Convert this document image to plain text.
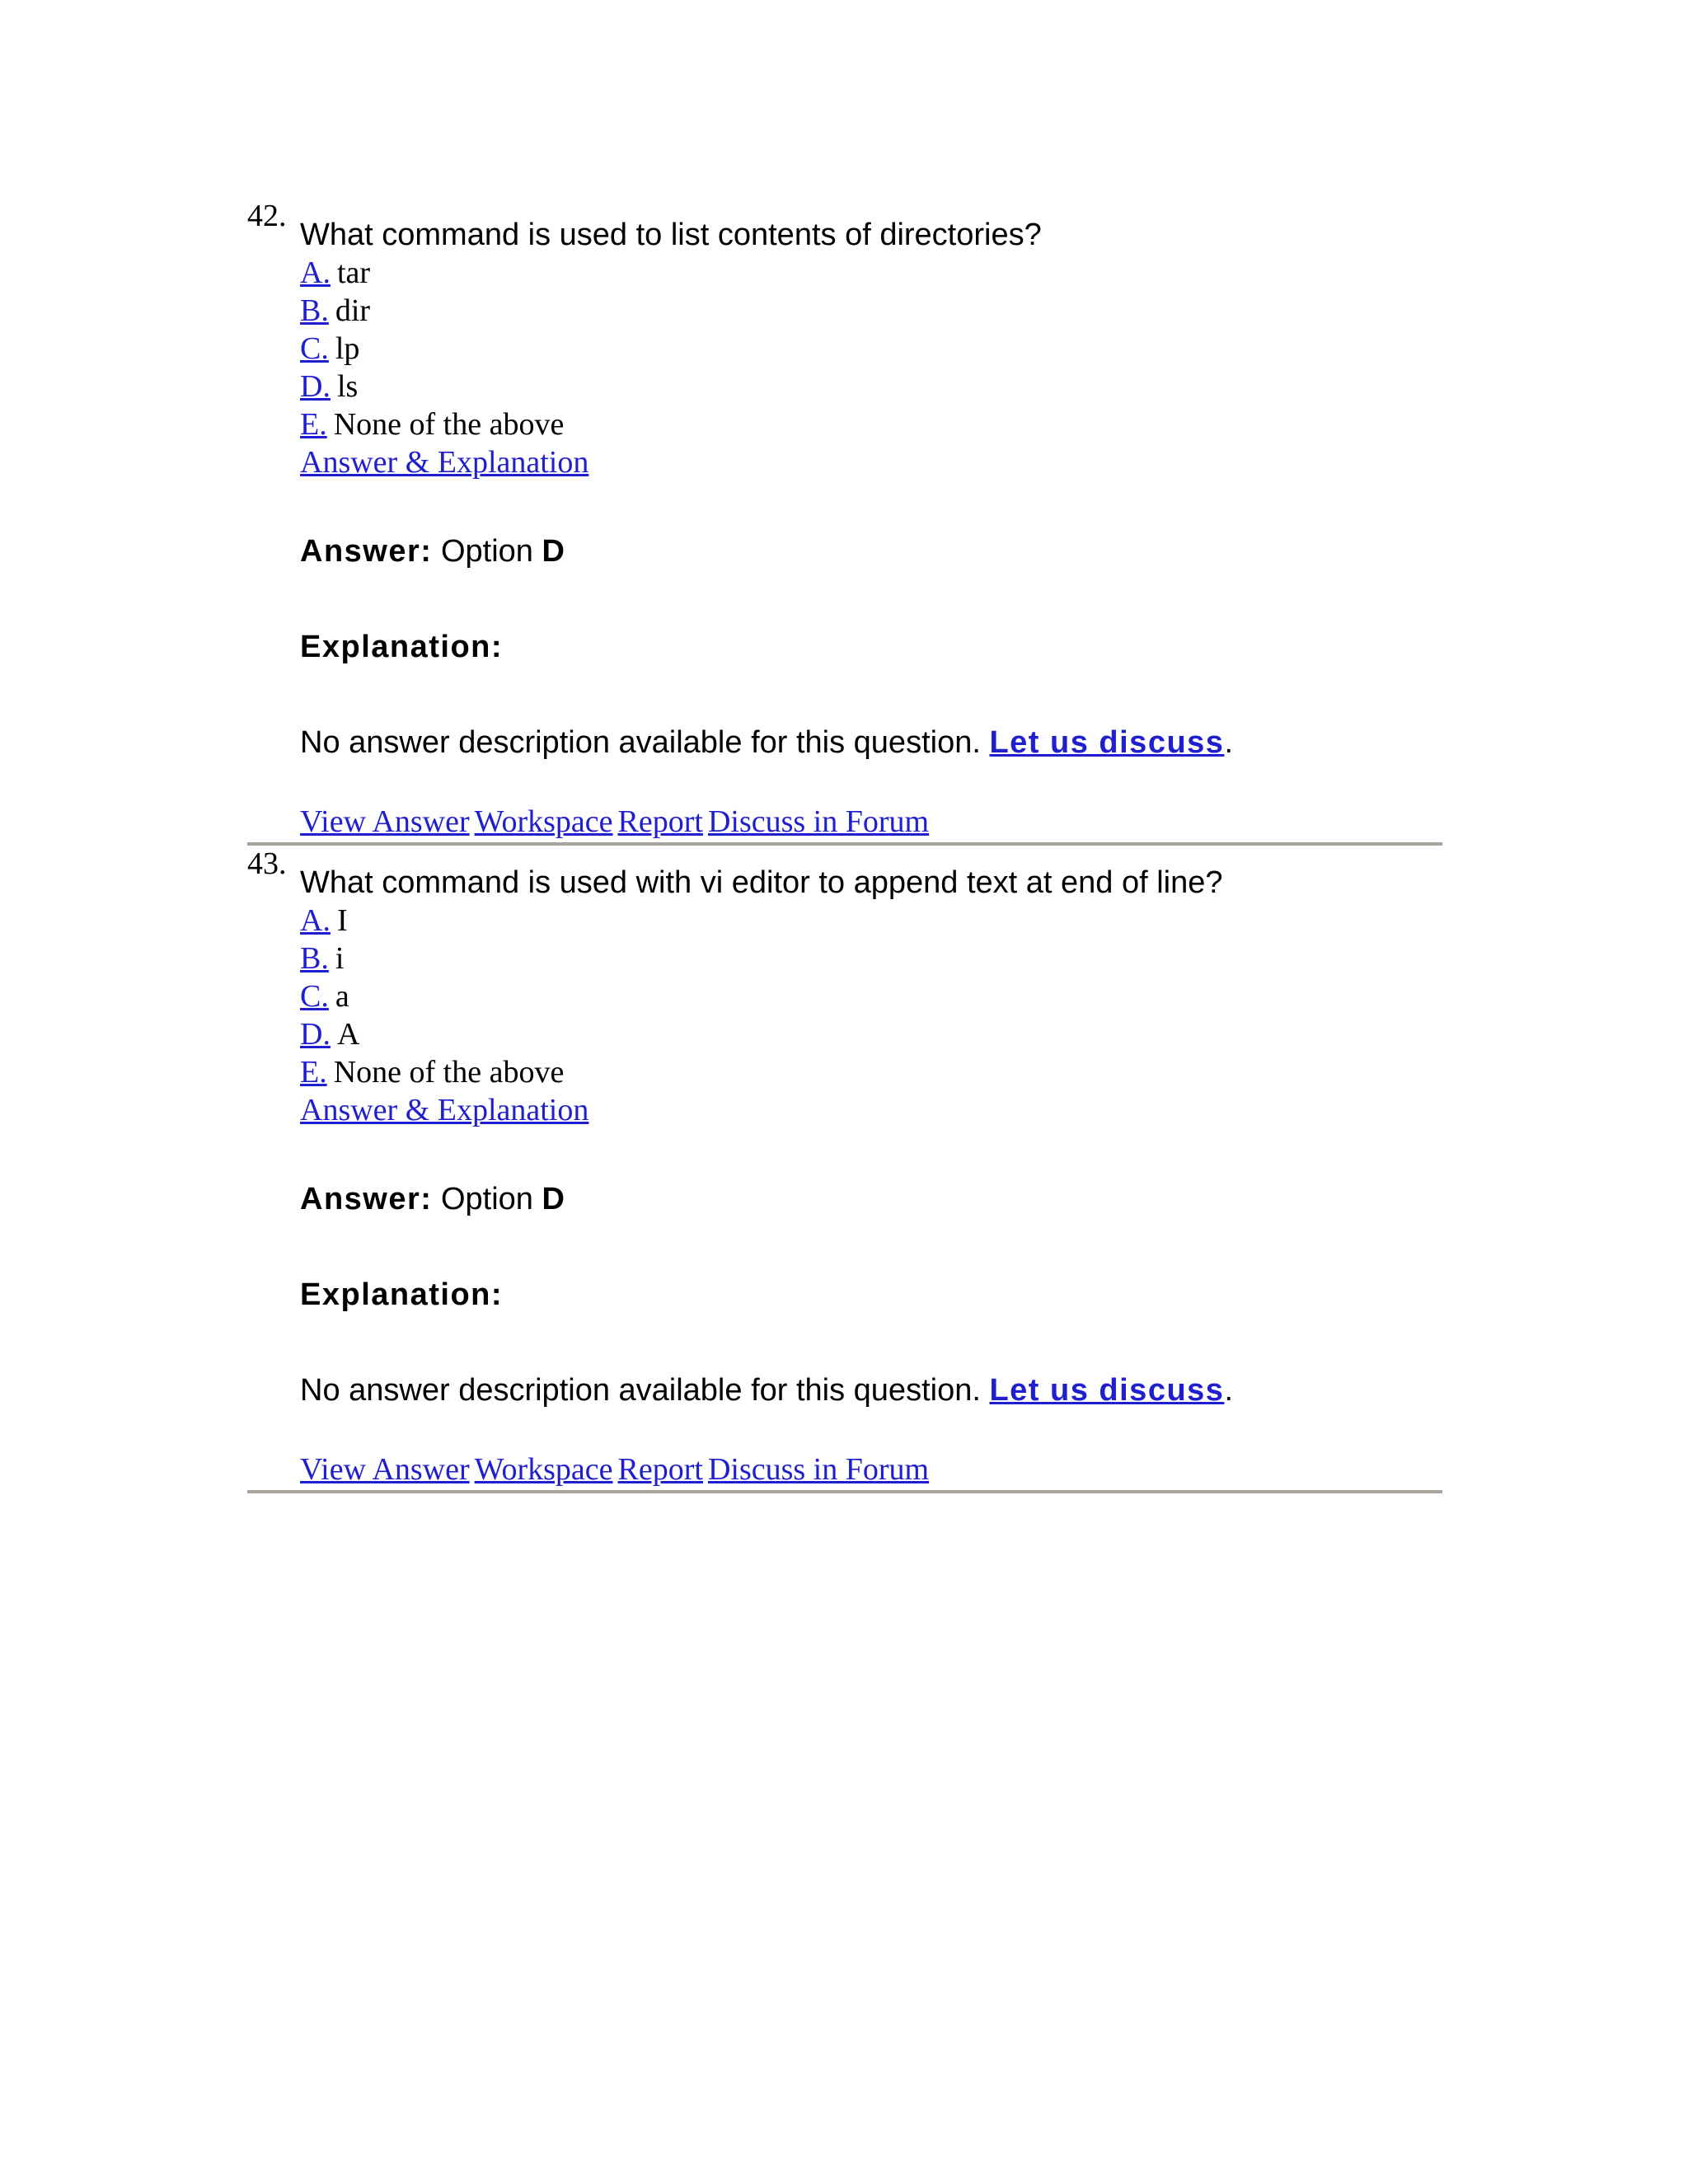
42.
What command is used to list contents of directories?
A. tar
B. dir
C. lp
D. ls
E. None of the above
Answer & Explanation
Answer: Option D
Explanation:
No answer description available for this question. Let us discuss.
View Answer Workspace Report Discuss in Forum
43.
What command is used with vi editor to append text at end of line?
A. I
B. i
C. a
D. A
E. None of the above
Answer & Explanation
Answer: Option D
Explanation:
No answer description available for this question. Let us discuss.
View Answer Workspace Report Discuss in Forum
